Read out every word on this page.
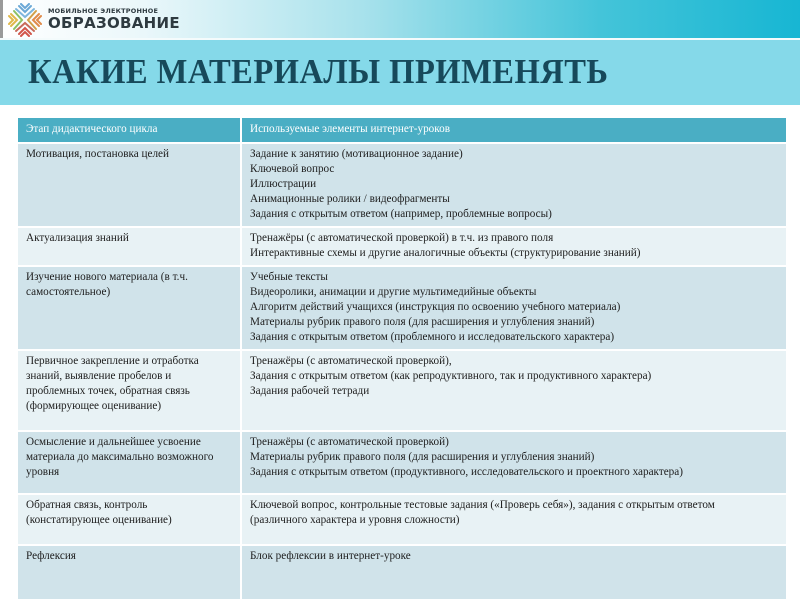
МОБИЛЬНОЕ ЭЛЕКТРОННОЕ
ОБРАЗОВАНИЕ
КАКИЕ МАТЕРИАЛЫ ПРИМЕНЯТЬ
Этап дидактического цикла	Используемые элементы интернет-уроков
Мотивация, постановка целей	Задание к занятию (мотивационное задание)
Ключевой вопрос
Иллюстрации
Анимационные ролики / видеофрагменты
Задания с открытым ответом (например, проблемные вопросы)

Актуализация знаний	Тренажёры (с автоматической проверкой) в т.ч. из правого поля
Интерактивные схемы и другие аналогичные объекты (структурирование знаний)

Изучение нового материала (в т.ч. самостоятельное)	Учебные тексты
Видеоролики, анимации и другие мультимедийные объекты
Алгоритм действий учащихся (инструкция по освоению учебного материала)
Материалы рубрик правого поля (для расширения и углубления знаний)
Задания с открытым ответом (проблемного и исследовательского характера)

Первичное закрепление и отработка знаний, выявление пробелов и проблемных точек, обратная связь (формирующее оценивание)	Тренажёры (с автоматической проверкой),
Задания с открытым ответом (как репродуктивного, так и продуктивного характера)
Задания рабочей тетради

Осмысление и дальнейшее усвоение материала до максимально возможного уровня	Тренажёры (с автоматической проверкой)
Материалы рубрик правого поля (для расширения и углубления знаний)
Задания с открытым ответом (продуктивного, исследовательского и проектного характера)

Обратная связь, контроль (констатирующее оценивание)	Ключевой вопрос, контрольные тестовые задания («Проверь себя»), задания с открытым ответом
(различного характера и уровня сложности)

Рефлексия	Блок рефлексии в интернет-уроке
